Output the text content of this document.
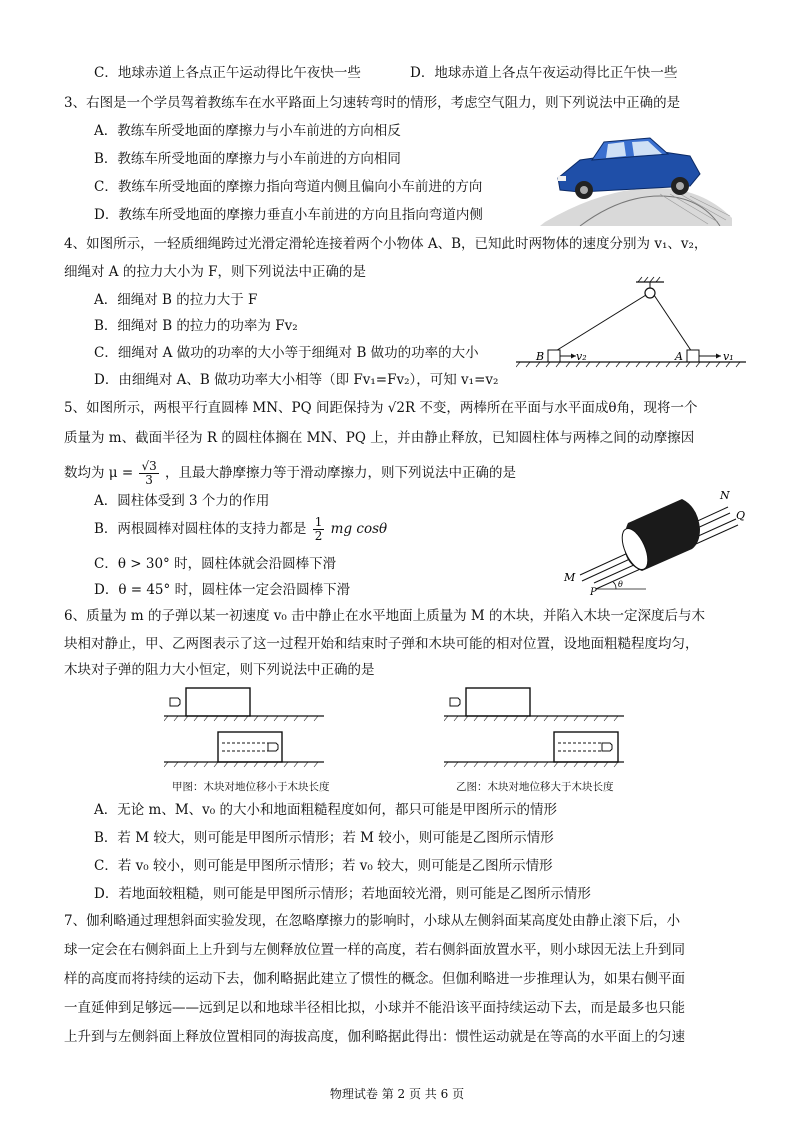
C．地球赤道上各点正午运动得比午夜快一些	D．地球赤道上各点午夜运动得比正午快一些
3、右图是一个学员驾着教练车在水平路面上匀速转弯时的情形，考虑空气阻力，则下列说法中正确的是
A．教练车所受地面的摩擦力与小车前进的方向相反
B．教练车所受地面的摩擦力与小车前进的方向相同
C．教练车所受地面的摩擦力指向弯道内侧且偏向小车前进的方向
D．教练车所受地面的摩擦力垂直小车前进的方向且指向弯道内侧
4、如图所示，一轻质细绳跨过光滑定滑轮连接着两个小物体 A、B，已知此时两物体的速度分别为 v₁、v₂，
细绳对 A 的拉力大小为 F，则下列说法中正确的是
A．细绳对 B 的拉力大于 F
B．细绳对 B 的拉力的功率为 Fv₂
C．细绳对 A 做功的功率的大小等于细绳对 B 做功的功率的大小
D．由细绳对 A、B 做功功率大小相等（即 Fv₁=Fv₂），可知 v₁=v₂
B	v₂	A	v₁
5、如图所示，两根平行直圆棒 MN、PQ 间距保持为 √2R 不变，两棒所在平面与水平面成θ角，现将一个
质量为 m、截面半径为 R 的圆柱体搁在 MN、PQ 上，并由静止释放，已知圆柱体与两棒之间的动摩擦因
数均为 $\mu = \frac{√3}{3}$ ，且最大静摩擦力等于滑动摩擦力，则下列说法中正确的是
A．圆柱体受到 3 个力的作用
B．两根圆棒对圆柱体的支持力都是 $\frac{1}{2}$ mg cosθ
C．θ > 30° 时，圆柱体就会沿圆棒下滑
D．θ = 45° 时，圆柱体一定会沿圆棒下滑
N
Q
M
P
θ
6、质量为 m 的子弹以某一初速度 v₀ 击中静止在水平地面上质量为 M 的木块，并陷入木块一定深度后与木
块相对静止，甲、乙两图表示了这一过程开始和结束时子弹和木块可能的相对位置，设地面粗糙程度均匀，
木块对子弹的阻力大小恒定，则下列说法中正确的是
甲图：木块对地位移小于木块长度	乙图：木块对地位移大于木块长度
A．无论 m、M、v₀ 的大小和地面粗糙程度如何，都只可能是甲图所示的情形
B．若 M 较大，则可能是甲图所示情形；若 M 较小，则可能是乙图所示情形
C．若 v₀ 较小，则可能是甲图所示情形；若 v₀ 较大，则可能是乙图所示情形
D．若地面较粗糙，则可能是甲图所示情形；若地面较光滑，则可能是乙图所示情形
7、伽利略通过理想斜面实验发现，在忽略摩擦力的影响时，小球从左侧斜面某高度处由静止滚下后，小
球一定会在右侧斜面上上升到与左侧释放位置一样的高度，若右侧斜面放置水平，则小球因无法上升到同
样的高度而将持续的运动下去，伽利略据此建立了惯性的概念。但伽利略进一步推理认为，如果右侧平面
一直延伸到足够远——远到足以和地球半径相比拟，小球并不能沿该平面持续运动下去，而是最多也只能
上升到与左侧斜面上释放位置相同的海拔高度，伽利略据此得出：惯性运动就是在等高的水平面上的匀速
物理试卷 第 2 页 共 6 页
